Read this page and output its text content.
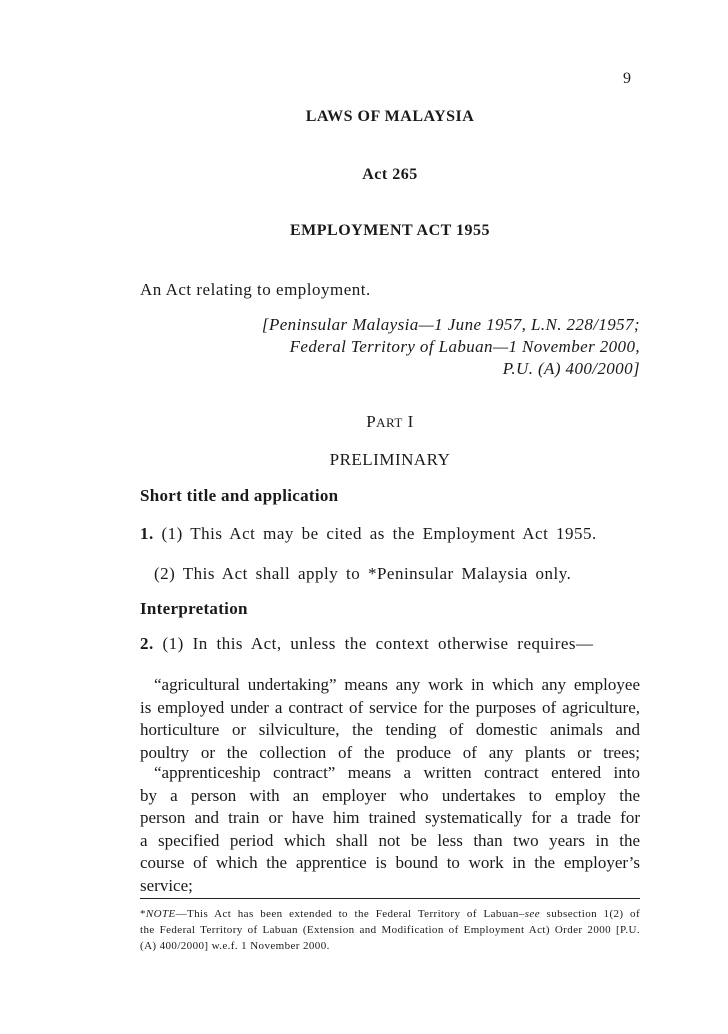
9

LAWS OF MALAYSIA

Act 265

EMPLOYMENT ACT 1955

An Act relating to employment.

[Peninsular Malaysia—1 June 1957, L.N. 228/1957;
Federal Territory of Labuan—1 November 2000,
P.U. (A) 400/2000]

PART I

PRELIMINARY

Short title and application

1. (1) This Act may be cited as the Employment Act 1955.

(2) This Act shall apply to *Peninsular Malaysia only.

Interpretation

2. (1) In this Act, unless the context otherwise requires—

“agricultural undertaking” means any work in which any employee
is employed under a contract of service for the purposes of agriculture,
horticulture or silviculture, the tending of domestic animals and
poultry or the collection of the produce of any plants or trees;
“apprenticeship contract” means a written contract entered into
by a person with an employer who undertakes to employ the
person and train or have him trained systematically for a trade for
a specified period which shall not be less than two years in the
course of which the apprentice is bound to work in the employer’s
service;
*NOTE—This Act has been extended to the Federal Territory of Labuan–see subsection 1(2) of
the Federal Territory of Labuan (Extension and Modification of Employment Act) Order 2000 [P.U.
(A) 400/2000] w.e.f. 1 November 2000.
